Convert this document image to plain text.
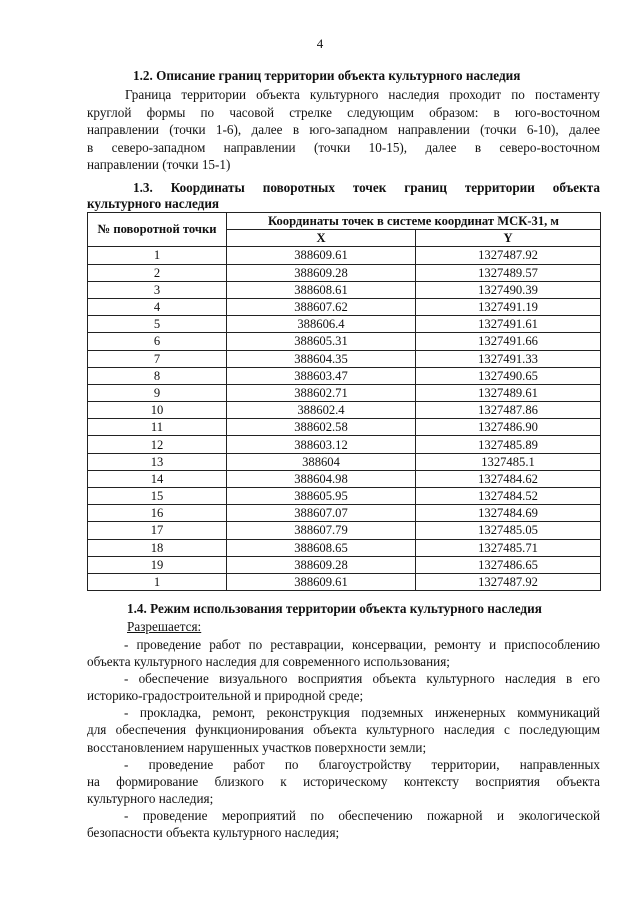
4
1.2. Описание границ территории объекта культурного наследия
Граница территории объекта культурного наследия проходит по постаменту
круглой формы по часовой стрелке следующим образом: в юго-восточном
направлении (точки 1-6), далее в юго-западном направлении (точки 6-10), далее
в северо-западном направлении (точки 10-15), далее в северо-восточном
направлении (точки 15-1)
1.3. Координаты поворотных точек границ территории объекта
культурного наследия
№ поворотной точки	Координаты точек в системе координат МСК-31, м	
	X	Y
1	388609.61	1327487.92
2	388609.28	1327489.57
3	388608.61	1327490.39
4	388607.62	1327491.19
5	388606.4	1327491.61
6	388605.31	1327491.66
7	388604.35	1327491.33
8	388603.47	1327490.65
9	388602.71	1327489.61
10	388602.4	1327487.86
11	388602.58	1327486.90
12	388603.12	1327485.89
13	388604	1327485.1
14	388604.98	1327484.62
15	388605.95	1327484.52
16	388607.07	1327484.69
17	388607.79	1327485.05
18	388608.65	1327485.71
19	388609.28	1327486.65
1	388609.61	1327487.92
1.4. Режим использования территории объекта культурного наследия
Разрешается:
- проведение работ по реставрации, консервации, ремонту и приспособлению
объекта культурного наследия для современного использования;
- обеспечение визуального восприятия объекта культурного наследия в его
историко-градостроительной и природной среде;
- прокладка, ремонт, реконструкция подземных инженерных коммуникаций
для обеспечения функционирования объекта культурного наследия с последующим
восстановлением нарушенных участков поверхности земли;
- проведение работ по благоустройству территории, направленных
на формирование близкого к историческому контексту восприятия объекта
культурного наследия;
- проведение мероприятий по обеспечению пожарной и экологической
безопасности объекта культурного наследия;
